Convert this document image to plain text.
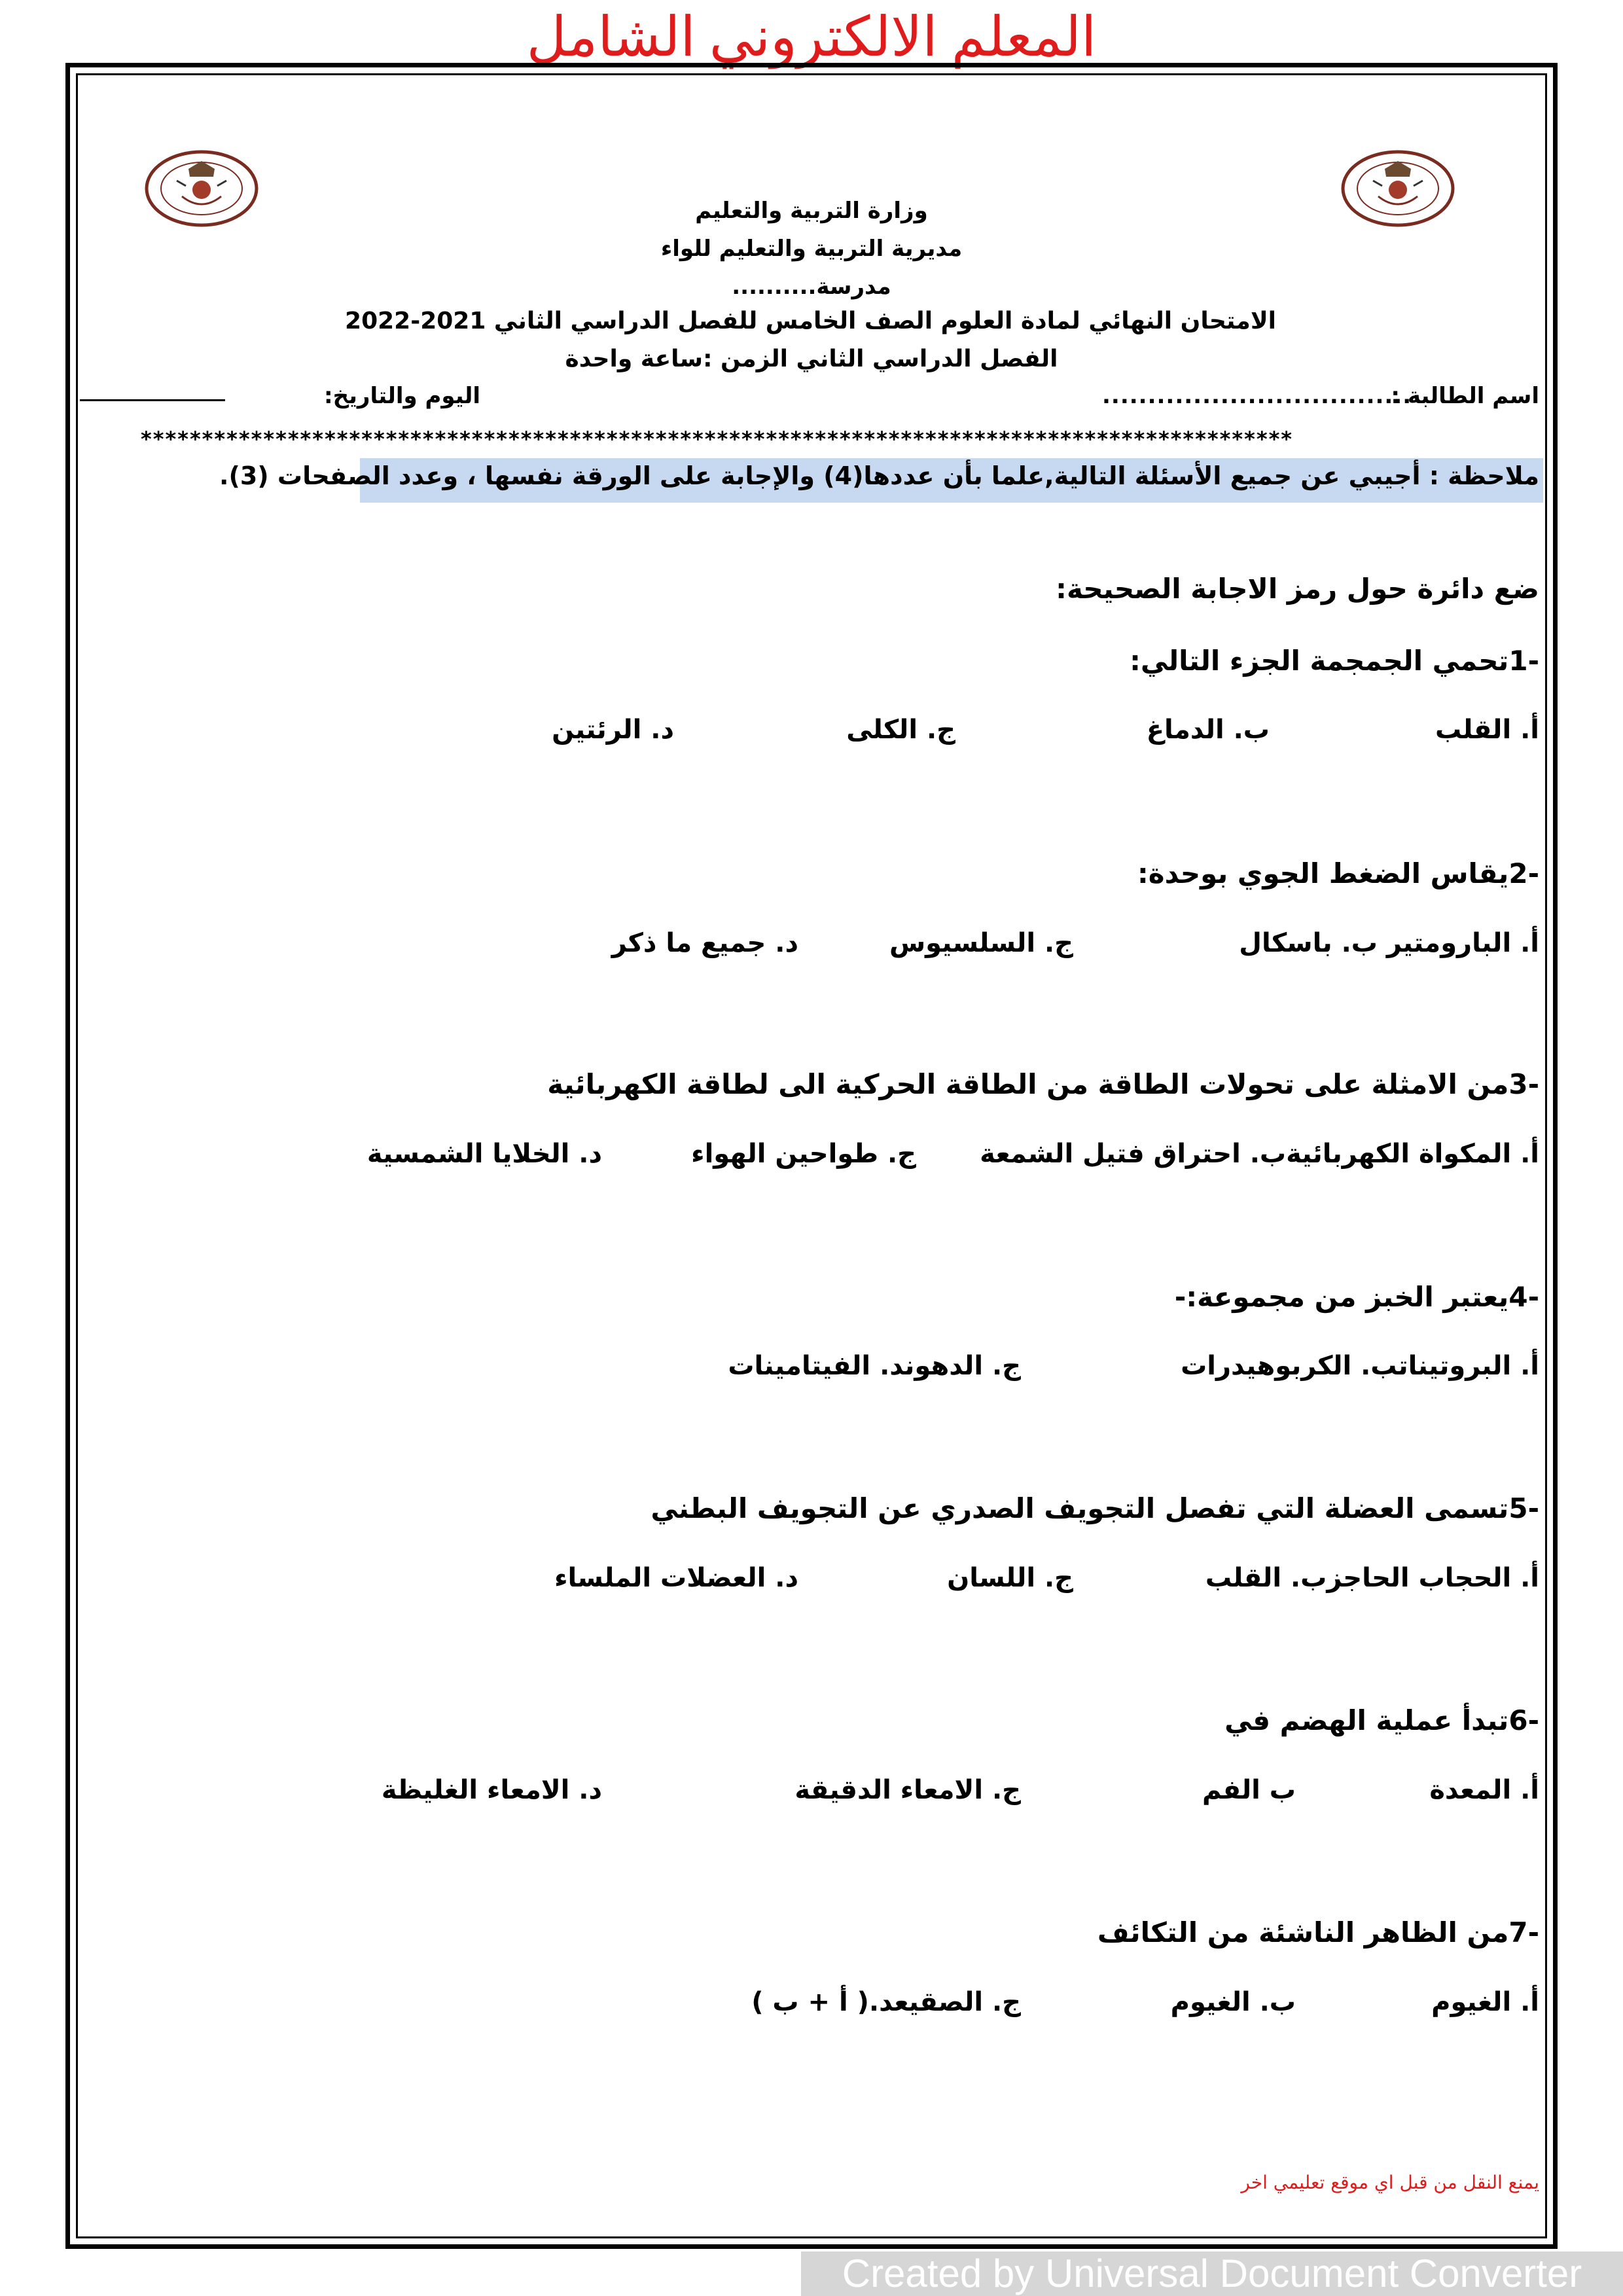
المعلم الالكتروني الشامل
وزارة التربية والتعليم
مديرية التربية والتعليم للواء
مدرسة..........
الامتحان النهائي لمادة العلوم الصف الخامس للفصل الدراسي الثاني 2021-2022
الفصل الدراسي الثاني الزمن :ساعة واحدة
اسم الطالبة :
..................................
اليوم والتاريخ:
**********************************************************************************************
ملاحظة : أجيبي عن جميع الأسئلة التالية,علما بأن عددها(4) والإجابة على الورقة نفسها ، وعدد الصفحات (3).
ضع دائرة حول رمز الاجابة الصحيحة:
-1تحمي الجمجمة الجزء التالي:
أ. القلب
ب. الدماغ
ج. الكلى
د. الرئتين
-2يقاس الضغط الجوي بوحدة:
أ. البارومتير ب. باسكال
ج. السلسيوس
د. جميع ما ذكر
-3من الامثلة على تحولات الطاقة من الطاقة الحركية الى لطاقة الكهربائية
أ. المكواة الكهربائيةب. احتراق فتيل الشمعة
ج. طواحين الهواء
د. الخلايا الشمسية
-4يعتبر الخبز من مجموعة:-
أ. البروتيناتب. الكربوهيدرات
ج. الدهوند. الفيتامينات
-5تسمى العضلة التي تفصل التجويف الصدري عن التجويف البطني
أ. الحجاب الحاجزب. القلب
ج. اللسان
د. العضلات الملساء
-6تبدأ عملية الهضم في
أ. المعدة
ب الفم
ج. الامعاء الدقيقة
د. الامعاء الغليظة
-7من الظاهر الناشئة من التكائف
أ. الغيوم
ب. الغيوم
ج. الصقيعد.( أ + ب )
يمنع النقل من قبل اي موقع تعليمي اخر
Created by Universal Document Converter
